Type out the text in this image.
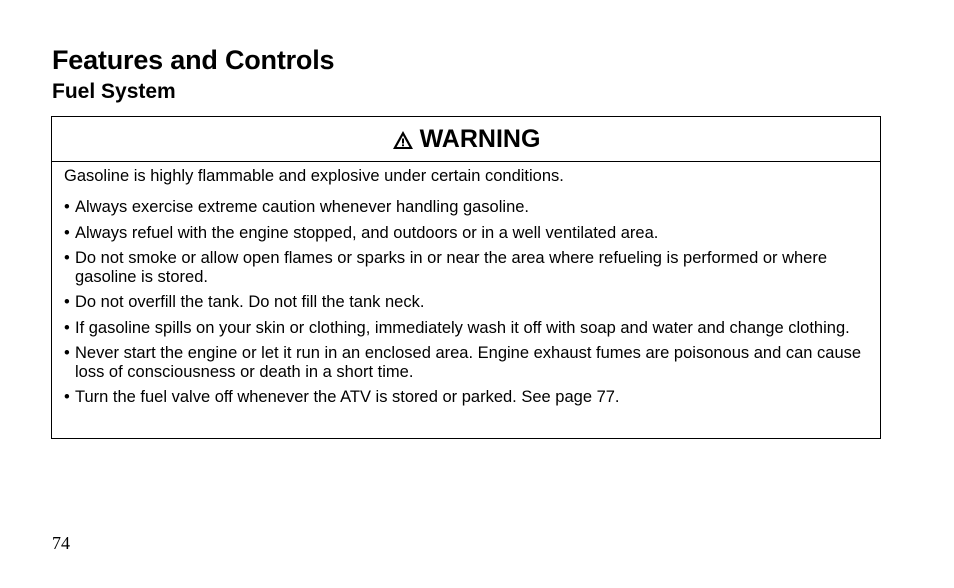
Features and Controls
Fuel System
WARNING

Gasoline is highly flammable and explosive under certain conditions.

• Always exercise extreme caution whenever handling gasoline.
• Always refuel with the engine stopped, and outdoors or in a well ventilated area.
• Do not smoke or allow open flames or sparks in or near the area where refueling is performed or where gasoline is stored.
• Do not overfill the tank. Do not fill the tank neck.
• If gasoline spills on your skin or clothing, immediately wash it off with soap and water and change clothing.
• Never start the engine or let it run in an enclosed area. Engine exhaust fumes are poisonous and can cause loss of consciousness or death in a short time.
• Turn the fuel valve off whenever the ATV is stored or parked. See page 77.
74
